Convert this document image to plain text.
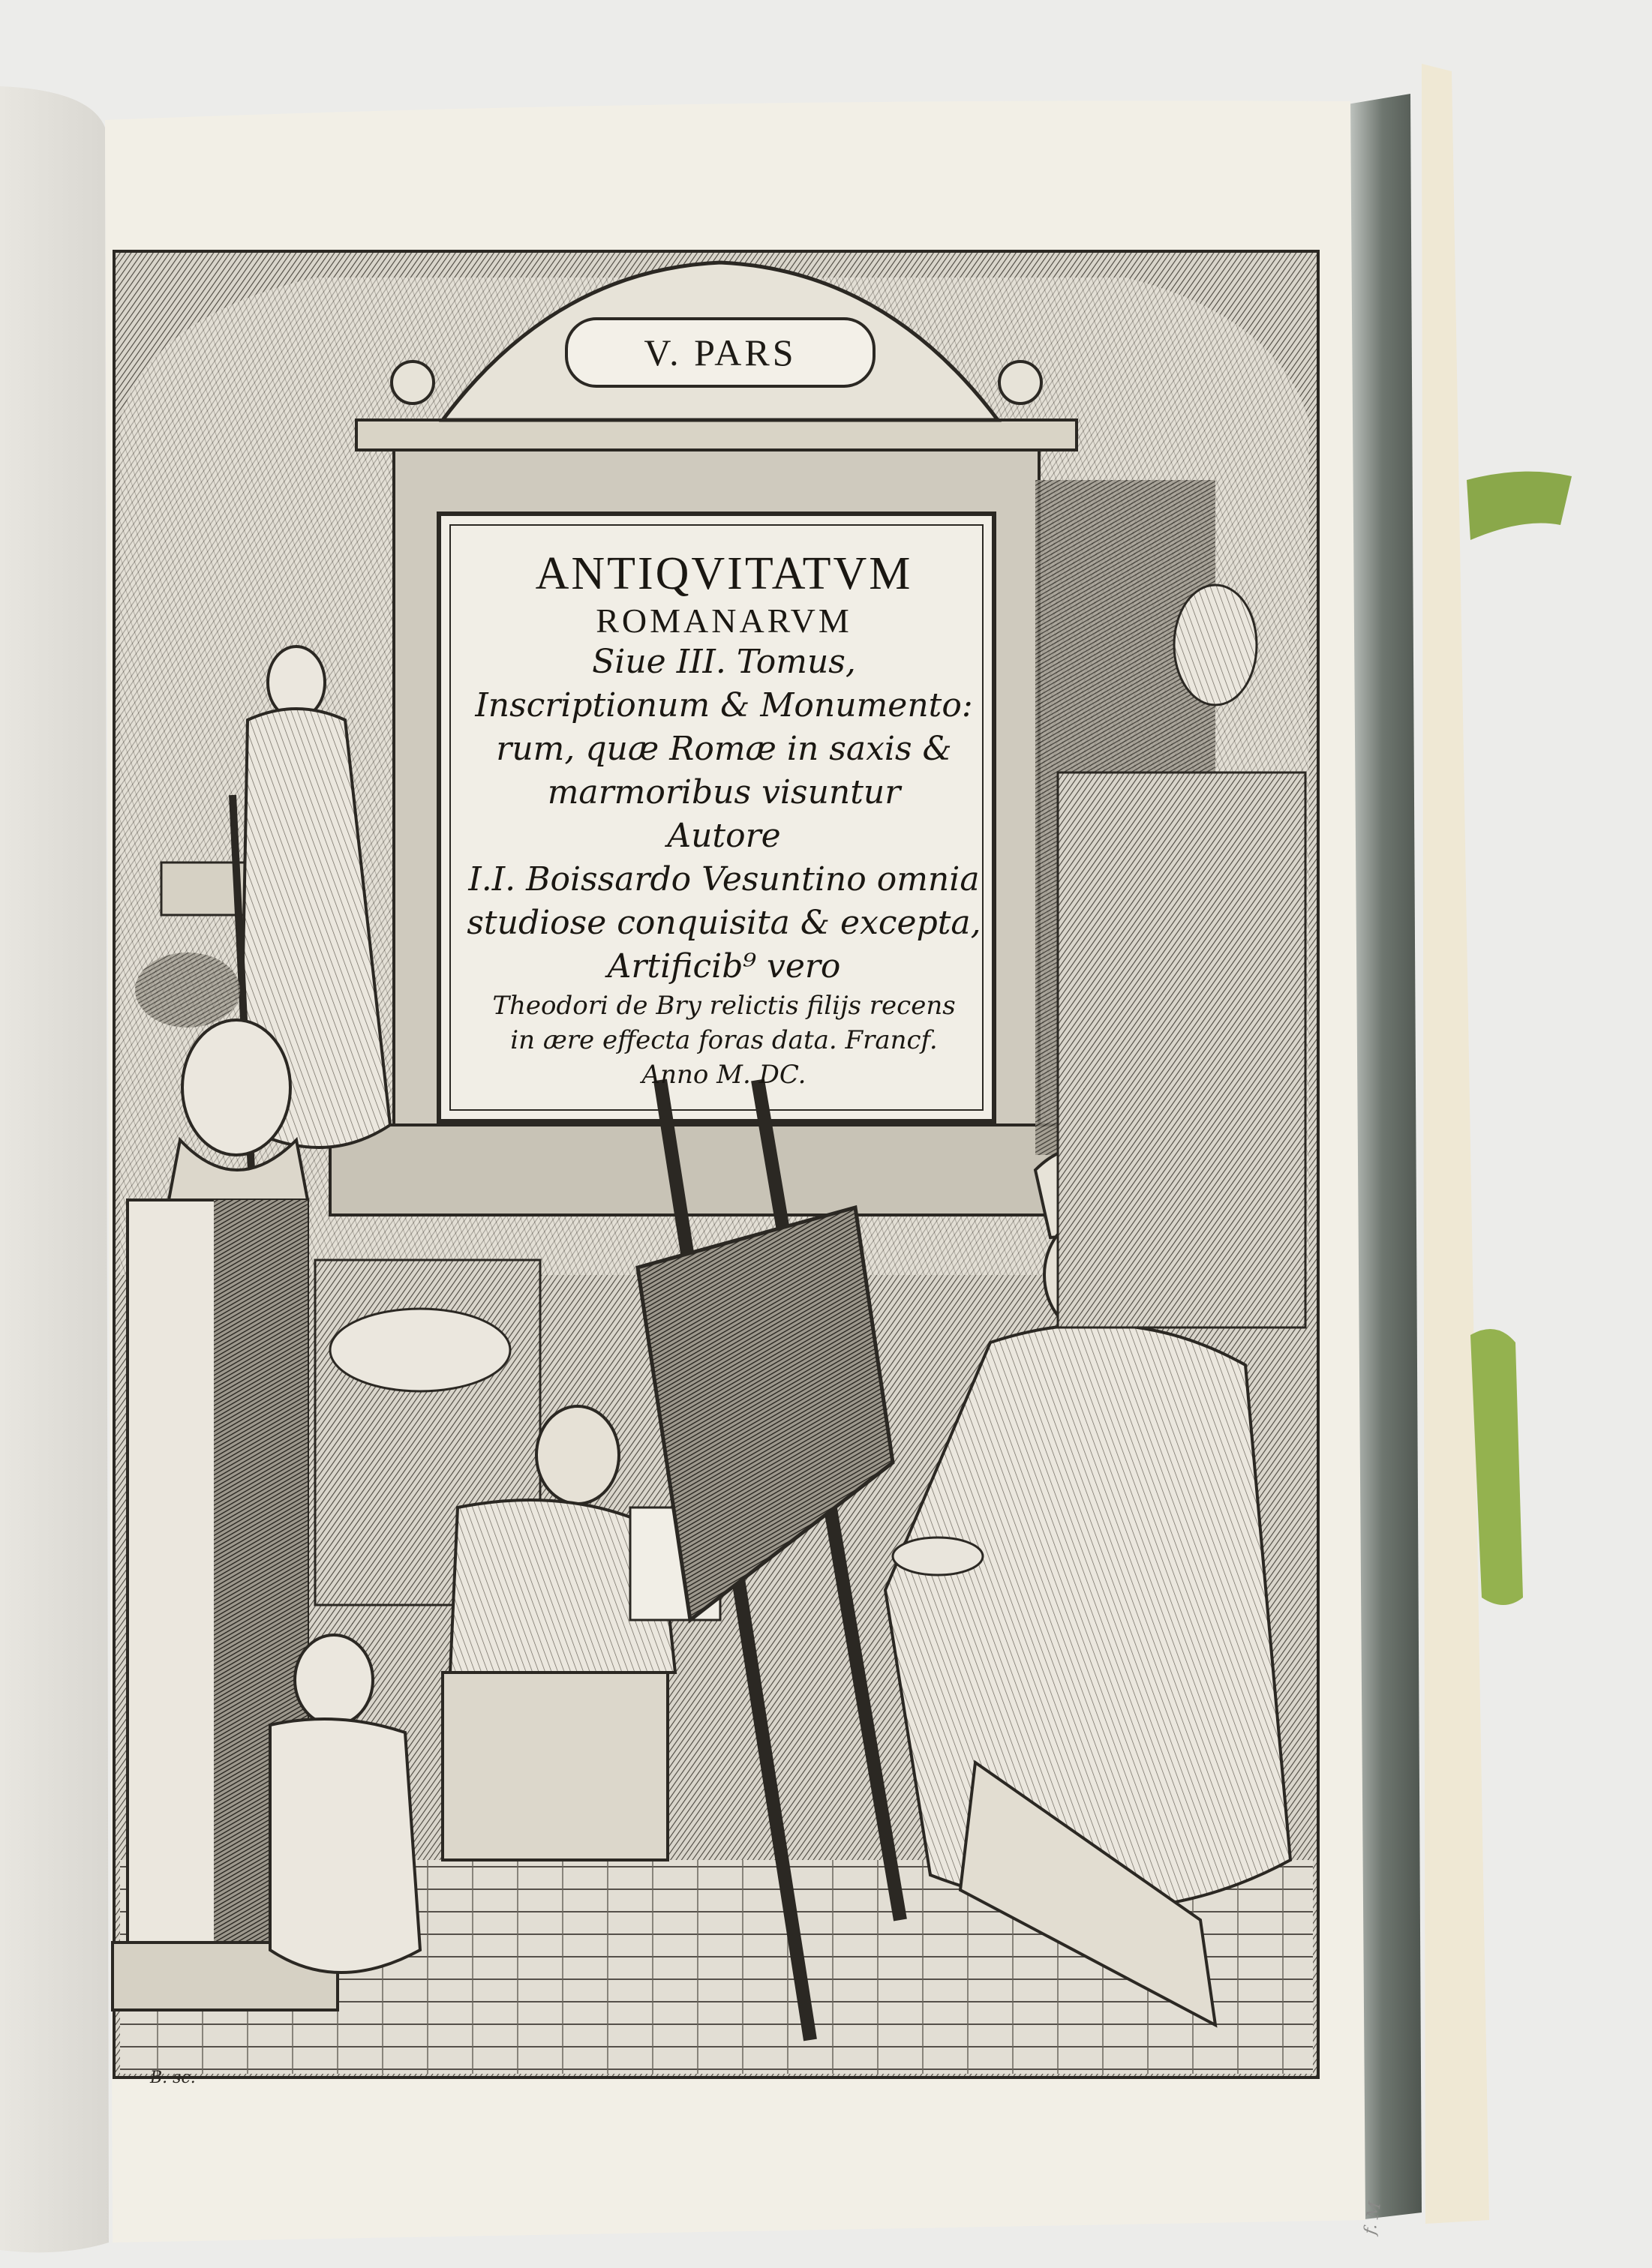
V. PARS
ANTIQVITATVM
ROMANARVM
Siue III. Tomus,
Inscriptionum & Monumento:
rum, quæ Romæ in saxis &
marmoribus visuntur
Autore
I.I. Boissardo Vesuntino omnia
studiose conquisita & excepta,
Artificib⁹ vero
Theodori de Bry relictis filijs recens
in ære effecta foras data. Francf.
Anno M. DC.
B. sc.
f. M
